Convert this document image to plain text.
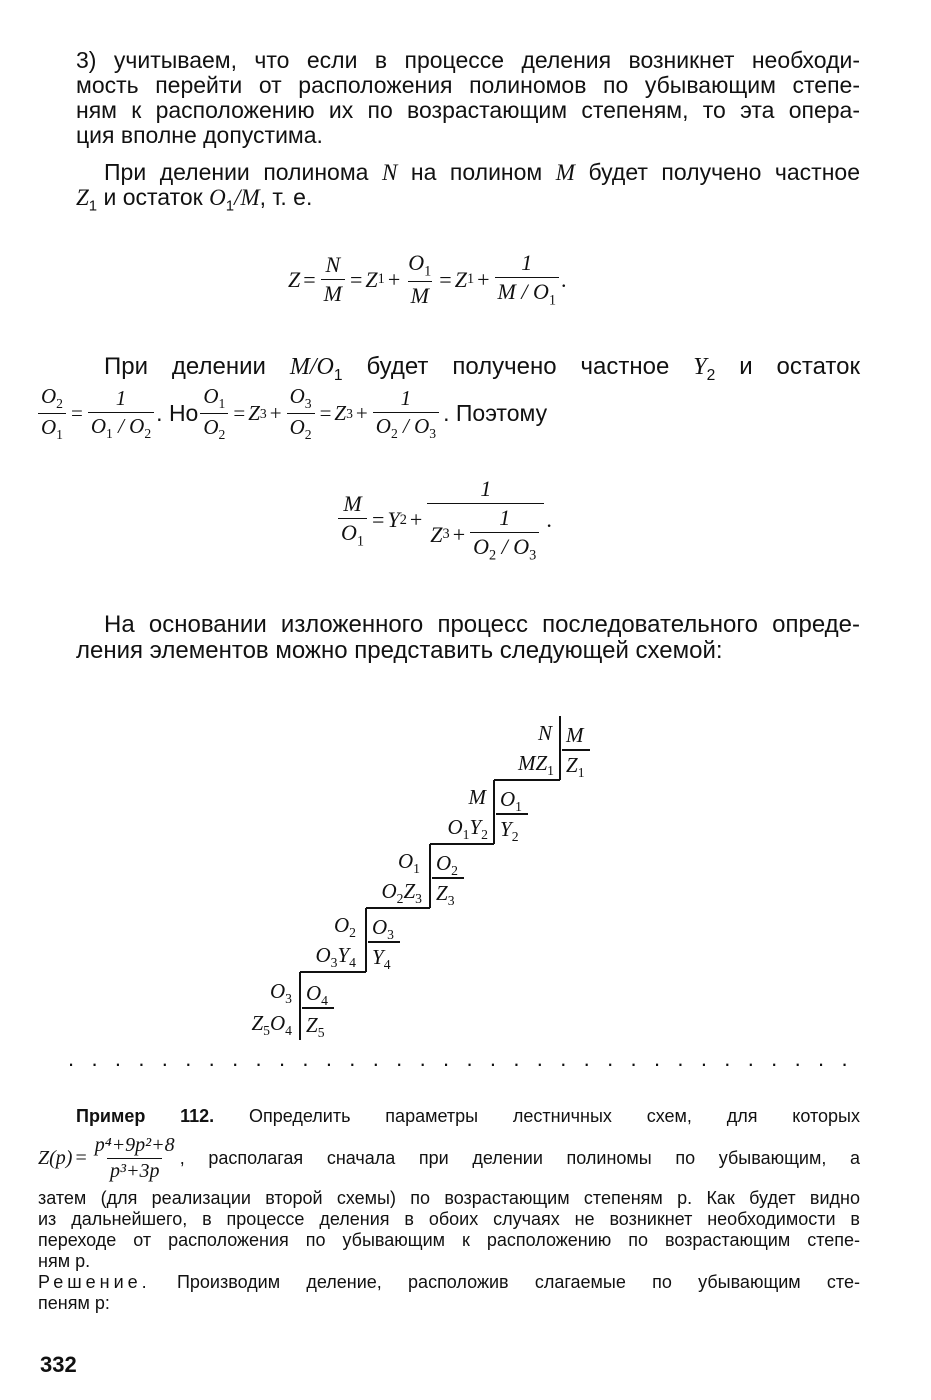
3) учитываем, что если в процессе деления возникнет необходи-
мость перейти от расположения полиномов по убывающим степе-
ням к расположению их по возрастающим степеням, то эта опера-
ция вполне допустима.
При делении полинома N на полином M будет получено частное
$Z_1$ и остаток $O_1/M$, т. е.
$Z = \frac{N}{M} = Z$ $1 + \frac{O_1}{M} = Z$ $1 + \frac{1}{M / O_1}$ .
При делении $M/O_1$ будет получено частное $Y_2$ и остаток
$\frac{O_2}{O_1} = \frac{1}{O_1 / O_2}$ . Но $\frac{O_1}{O_2} = Z$ $3 + \frac{O_3}{O_2} = Z$ $3 + \frac{1}{O_2 / O_3}$ . Поэтому
$\frac{M}{O_1} = Y$ $2 + \frac{1}{Z 3 + \frac{1}{O_2 / O_3}}$ .
На основании изложенного процесс последовательного опреде-
ления элементов можно представить следующей схемой:
N
$MZ_1$
M
$Z_1$
M
$O_1Y_2$
$O_1$
$Y_2$
$O_1$
$O_2Z_3$
$O_2$
$Z_3$
$O_2$
$O_3Y_4$
$O_3$
$Y_4$
$O_3$
$Z_5O_4$
$O_4$
$Z_5$
. . . . . . . . . . . . . . . . . . . . . . . . . . . . . . . . . .
Пример 112. Определить параметры лестничных схем, для которых
$Z(p) = \frac{\text{p⁴+9p²+8}}{\text{p³+3p}}$ , располагая сначала при делении полиномы по убывающим, а
затем (для реализации второй схемы) по возрастающим степеням p. Как будет видно
из дальнейшего, в процессе деления в обоих случаях не возникнет необходимости в
переходе от расположения по убывающим к расположению по возрастающим степе-
ням p.
Решение. Производим деление, расположив слагаемые по убывающим сте-
пеням p:
332
